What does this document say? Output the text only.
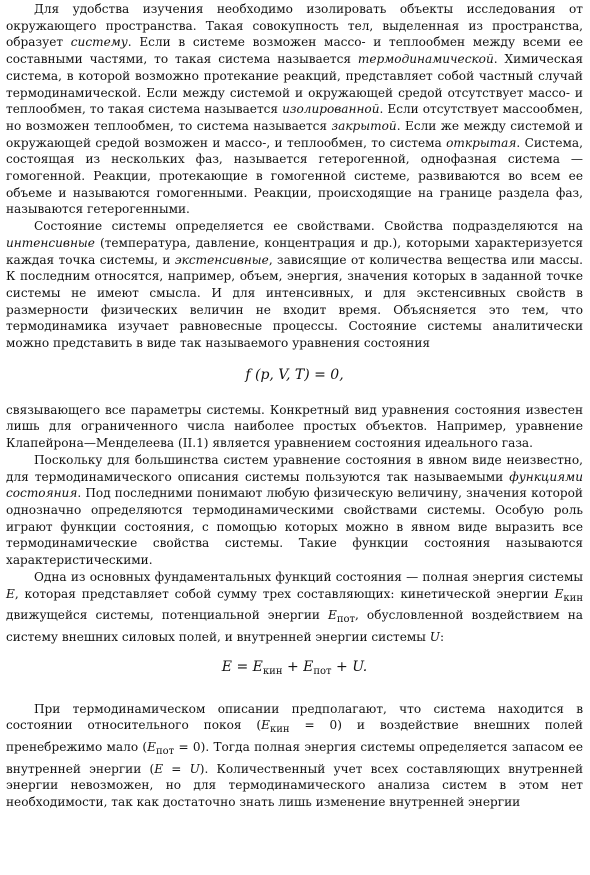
Для удобства изучения необходимо изолировать объекты исследования от окружающего пространства. Такая совокупность тел, выделенная из пространства, образует систему. Если в системе возможен массо- и теплообмен между всеми ее составными частями, то такая система называется термодинамической. Химическая система, в которой возможно протекание реакций, представляет собой частный случай термодинамической. Если между системой и окружающей средой отсутствует массо- и теплообмен, то такая система называется изолированной. Если отсутствует массообмен, но возможен теплообмен, то система называется закрытой. Если же между системой и окружающей средой возможен и массо-, и теплообмен, то система открытая. Система, состоящая из нескольких фаз, называется гетерогенной, однофазная система — гомогенной. Реакции, протекающие в гомогенной системе, развиваются во всем ее объеме и называются гомогенными. Реакции, происходящие на границе раздела фаз, называются гетерогенными.

Состояние системы определяется ее свойствами. Свойства подразделяются на интенсивные (температура, давление, концентрация и др.), которыми характеризуется каждая точка системы, и экстенсивные, зависящие от количества вещества или массы. К последним относятся, например, объем, энергия, значения которых в заданной точке системы не имеют смысла. И для интенсивных, и для экстенсивных свойств в размерности физических величин не входит время. Объясняется это тем, что термодинамика изучает равновесные процессы. Состояние системы аналитически можно представить в виде так называемого уравнения состояния

f (p, V, T) = 0,

связывающего все параметры системы. Конкретный вид уравнения состояния известен лишь для ограниченного числа наиболее простых объектов. Например, уравнение Клапейрона—Менделеева (II.1) является уравнением состояния идеального газа.

Поскольку для большинства систем уравнение состояния в явном виде неизвестно, для термодинамического описания системы пользуются так называемыми функциями состояния. Под последними понимают любую физическую величину, значения которой однозначно определяются термодинамическими свойствами системы. Особую роль играют функции состояния, с помощью которых можно в явном виде выразить все термодинамические свойства системы. Такие функции состояния называются характеристическими.

Одна из основных фундаментальных функций состояния — полная энергия системы E, которая представляет собой сумму трех составляющих: кинетической энергии $E_{кин}$ движущейся системы, потенциальной энергии $E_{пот}$, обусловленной воздействием на систему внешних силовых полей, и внутренней энергии системы U:

$E = E_{кин} + E_{пот} + U$.

При термодинамическом описании предполагают, что система находится в состоянии относительного покоя $(E_{кин} = 0)$ и воздействие внешних полей пренебрежимо мало $(E_{пот} = 0)$. Тогда полная энергия системы определяется запасом ее внутренней энергии (E = U). Количественный учет всех составляющих внутренней энергии невозможен, но для термодинамического анализа систем в этом нет необходимости, так как достаточно знать лишь изменение внутренней энергии
